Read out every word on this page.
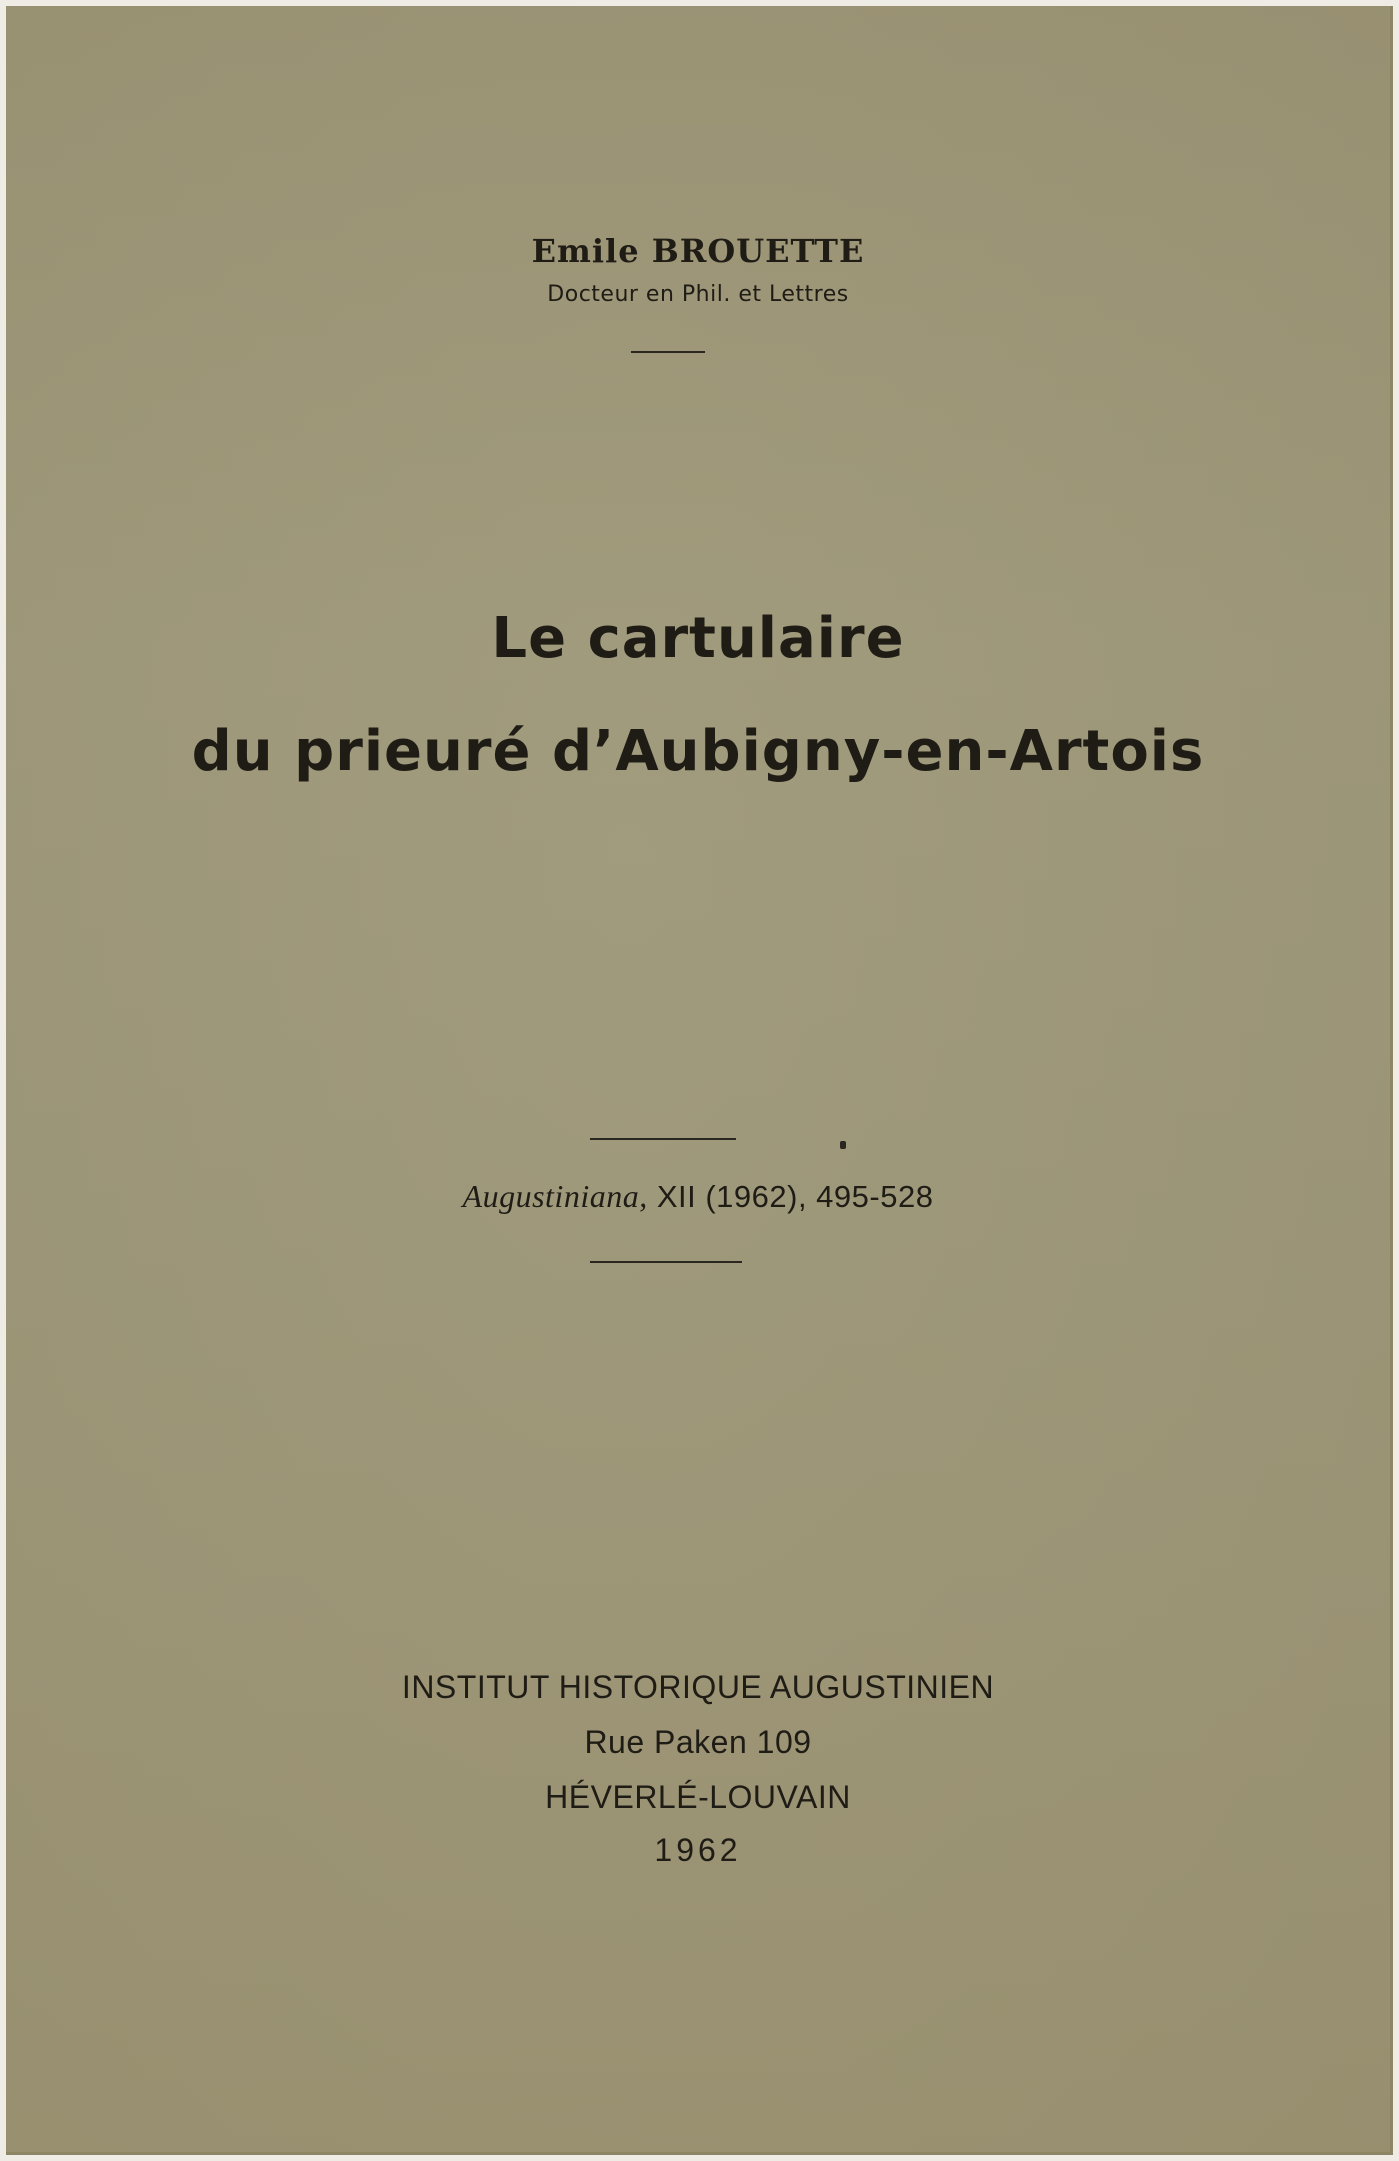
Emile BROUETTE
Docteur en Phil. et Lettres
Le cartulaire
du prieuré d’Aubigny-en-Artois
Augustiniana, XII (1962), 495-528
INSTITUT HISTORIQUE AUGUSTINIEN
Rue Paken 109
HÉVERLÉ-LOUVAIN
1962
